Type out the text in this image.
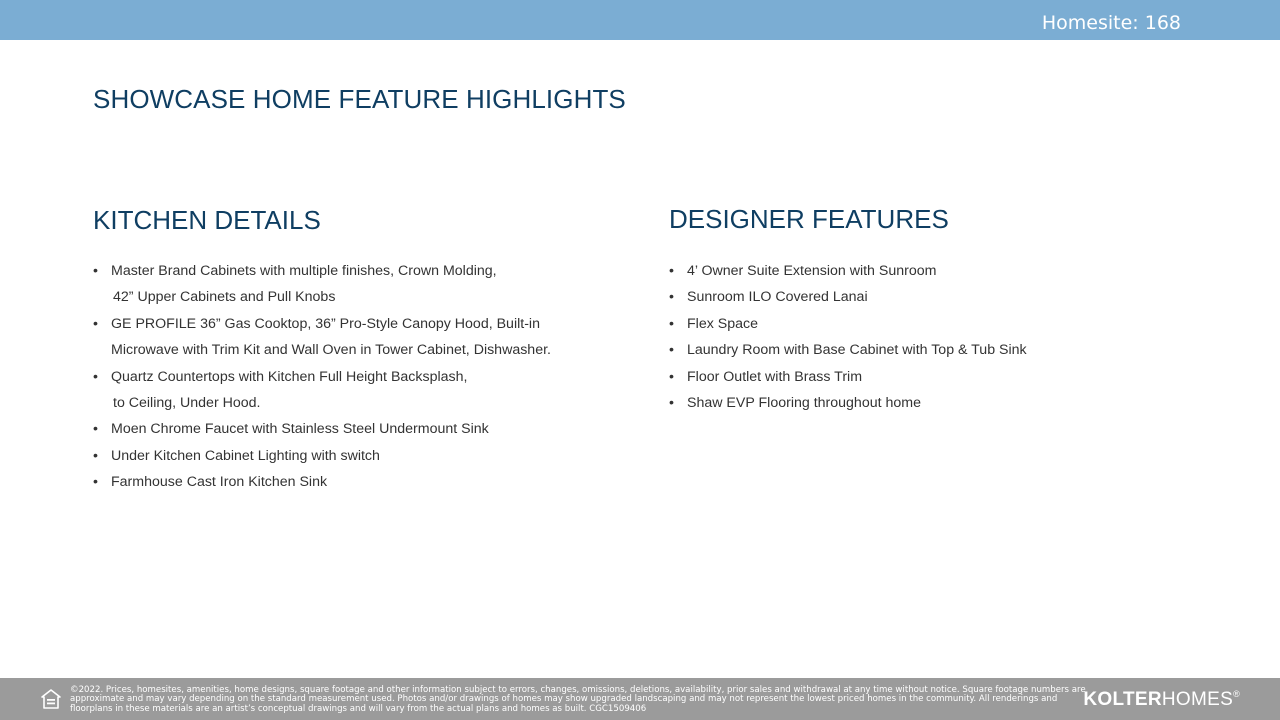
Homesite: 168
SHOWCASE HOME FEATURE HIGHLIGHTS
KITCHEN DETAILS
• Master Brand Cabinets with multiple finishes, Crown Molding,
42” Upper Cabinets and Pull Knobs
• GE PROFILE 36” Gas Cooktop, 36” Pro-Style Canopy Hood, Built-in
Microwave with Trim Kit and Wall Oven in Tower Cabinet, Dishwasher.
• Quartz Countertops with Kitchen Full Height Backsplash,
to Ceiling, Under Hood.
• Moen Chrome Faucet with Stainless Steel Undermount Sink
• Under Kitchen Cabinet Lighting with switch
• Farmhouse Cast Iron Kitchen Sink
DESIGNER FEATURES
• 4’ Owner Suite Extension with Sunroom
• Sunroom ILO Covered Lanai
• Flex Space
• Laundry Room with Base Cabinet with Top & Tub Sink
• Floor Outlet with Brass Trim
• Shaw EVP Flooring throughout home
©2022. Prices, homesites, amenities, home designs, square footage and other information subject to errors, changes, omissions, deletions, availability, prior sales and withdrawal at any time without notice. Square footage numbers are approximate and may vary depending on the standard measurement used. Photos and/or drawings of homes may show upgraded landscaping and may not represent the lowest priced homes in the community. All renderings and floorplans in these materials are an artist’s conceptual drawings and will vary from the actual plans and homes as built. CGC1509406	KOLTERHOMES®
